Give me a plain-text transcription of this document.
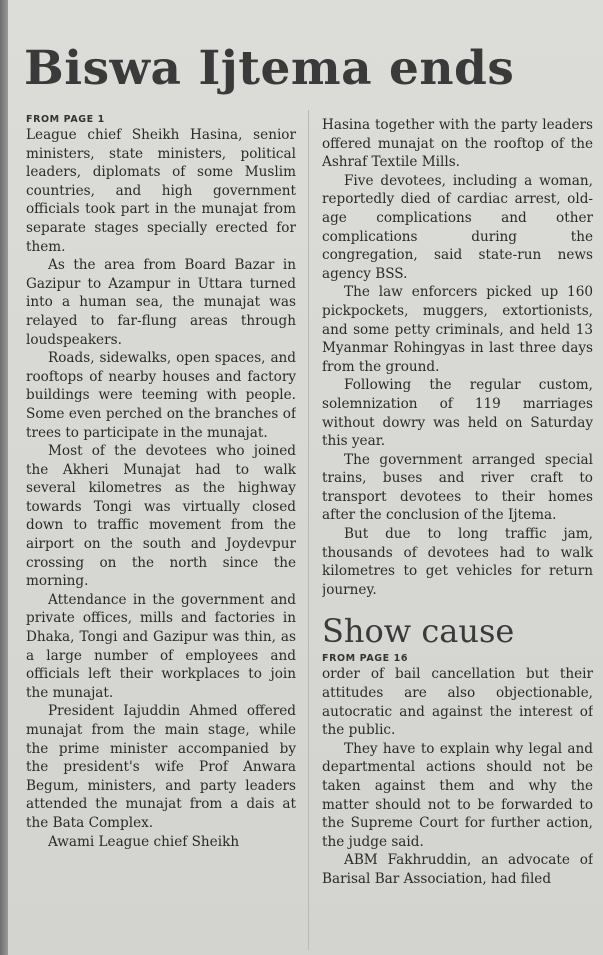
Biswa Ijtema ends
FROM PAGE 1

League chief Sheikh Hasina, senior ministers, state ministers, political leaders, diplomats of some Muslim countries, and high government officials took part in the munajat from separate stages specially erected for them.

As the area from Board Bazar in Gazipur to Azampur in Uttara turned into a human sea, the munajat was relayed to far-flung areas through loudspeakers.

Roads, sidewalks, open spaces, and rooftops of nearby houses and factory buildings were teeming with people. Some even perched on the branches of trees to participate in the munajat.

Most of the devotees who joined the Akheri Munajat had to walk several kilometres as the highway towards Tongi was virtually closed down to traffic movement from the airport on the south and Joydevpur crossing on the north since the morning.

Attendance in the government and private offices, mills and factories in Dhaka, Tongi and Gazipur was thin, as a large number of employees and officials left their workplaces to join the munajat.

President Iajuddin Ahmed offered munajat from the main stage, while the prime minister accompanied by the president's wife Prof Anwara Begum, ministers, and party leaders attended the munajat from a dais at the Bata Complex.

Awami League chief Sheikh

Hasina together with the party leaders offered munajat on the rooftop of the Ashraf Textile Mills.

Five devotees, including a woman, reportedly died of cardiac arrest, old-age complications and other complications during the congregation, said state-run news agency BSS.

The law enforcers picked up 160 pickpockets, muggers, extortionists, and some petty criminals, and held 13 Myanmar Rohingyas in last three days from the ground.

Following the regular custom, solemnization of 119 marriages without dowry was held on Saturday this year.

The government arranged special trains, buses and river craft to transport devotees to their homes after the conclusion of the Ijtema.

But due to long traffic jam, thousands of devotees had to walk kilometres to get vehicles for return journey.

Show cause
FROM PAGE 16

order of bail cancellation but their attitudes are also objectionable, autocratic and against the interest of the public.

They have to explain why legal and departmental actions should not be taken against them and why the matter should not to be forwarded to the Supreme Court for further action, the judge said.

ABM Fakhruddin, an advocate of Barisal Bar Association, had filed
